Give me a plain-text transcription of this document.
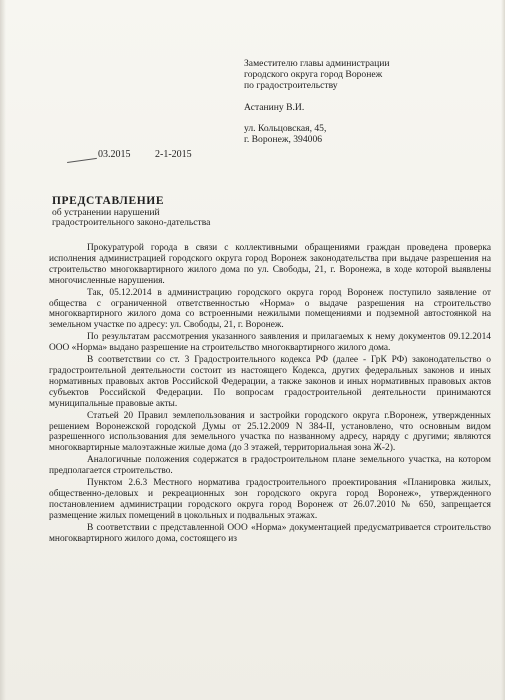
Заместителю главы администрации
городского округа город Воронеж
по градостроительству
Астанину В.И.
ул. Кольцовская, 45,
г. Воронеж, 394006
03.2015 2-1-2015
ПРЕДСТАВЛЕНИЕ
об устранении нарушений градостроительного законо-дательства

Прокуратурой города в связи с коллективными обращениями граждан проведена проверка исполнения администрацией городского округа город Воронеж законодательства при выдаче разрешения на строительство многоквартирного жилого дома по ул. Свободы, 21, г. Воронежа, в ходе которой выявлены многочисленные нарушения.

Так, 05.12.2014 в администрацию городского округа город Воронеж поступило заявление от общества с ограниченной ответственностью «Норма» о выдаче разрешения на строительство многоквартирного жилого дома со встроенными нежилыми помещениями и подземной автостоянкой на земельном участке по адресу: ул. Свободы, 21, г. Воронеж.

По результатам рассмотрения указанного заявления и прилагаемых к нему документов 09.12.2014 ООО «Норма» выдано разрешение на строительство многоквартирного жилого дома.

В соответствии со ст. 3 Градостроительного кодекса РФ (далее - ГрК РФ) законодательство о градостроительной деятельности состоит из настоящего Кодекса, других федеральных законов и иных нормативных правовых актов Российской Федерации, а также законов и иных нормативных правовых актов субъектов Российской Федерации. По вопросам градостроительной деятельности принимаются муниципальные правовые акты.

Статьей 20 Правил землепользования и застройки городского округа г.Воронеж, утвержденных решением Воронежской городской Думы от 25.12.2009 N 384-II, установлено, что основным видом разрешенного использования для земельного участка по названному адресу, наряду с другими; являются многоквартирные малоэтажные жилые дома (до 3 этажей, территориальная зона Ж-2).

Аналогичные положения содержатся в градостроительном плане земельного участка, на котором предполагается строительство.

Пунктом 2.6.3 Местного норматива градостроительного проектирования «Планировка жилых, общественно-деловых и рекреационных зон городского округа город Воронеж», утвержденного постановлением администрации городского округа город Воронеж от 26.07.2010 № 650, запрещается размещение жилых помещений в цокольных и подвальных этажах.

В соответствии с представленной ООО «Норма» документацией предусматривается строительство многоквартирного жилого дома, состоящего из
